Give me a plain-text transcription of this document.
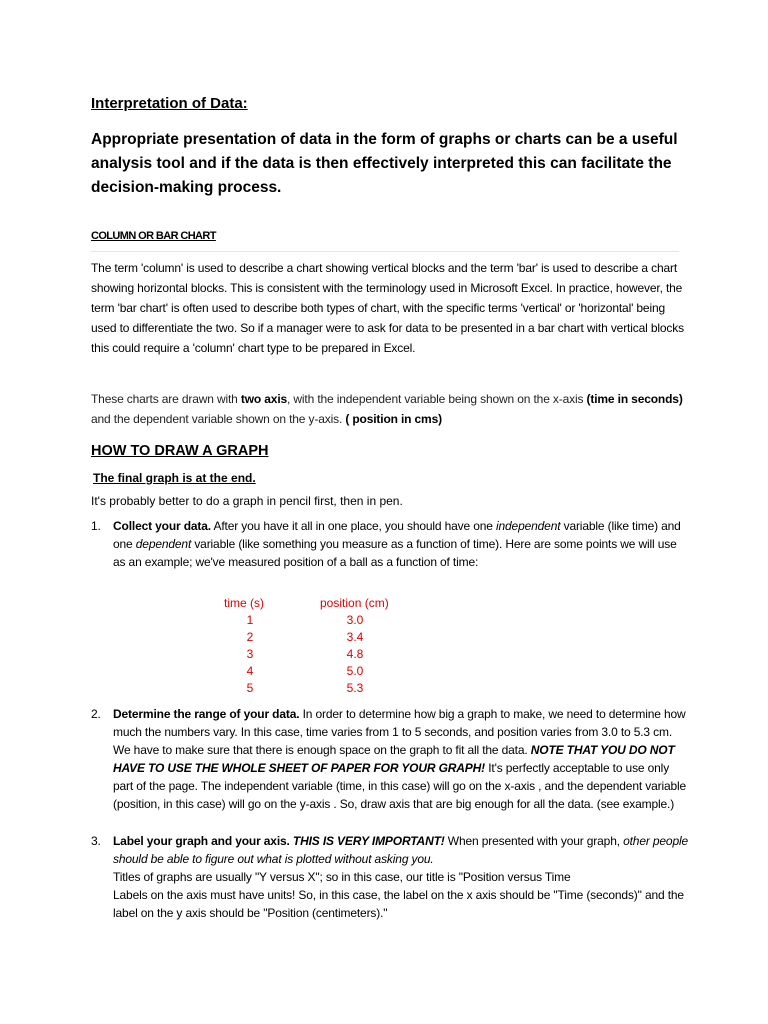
Interpretation of Data:
Appropriate presentation of data in the form of graphs or charts can be a useful analysis tool and if the data is then effectively interpreted this can facilitate the decision-making process.
COLUMN OR BAR CHART
The term 'column' is used to describe a chart showing vertical blocks and the term 'bar' is used to describe a chart showing horizontal blocks. This is consistent with the terminology used in Microsoft Excel. In practice, however, the term 'bar chart' is often used to describe both types of chart, with the specific terms 'vertical' or 'horizontal' being used to differentiate the two. So if a manager were to ask for data to be presented in a bar chart with vertical blocks this could require a 'column' chart type to be prepared in Excel.
These charts are drawn with two axis, with the independent variable being shown on the x-axis (time in seconds) and the dependent variable shown on the y-axis. ( position in cms)
HOW TO DRAW A GRAPH
The final graph is at the end.
It's probably better to do a graph in pencil first, then in pen.
1. Collect your data. After you have it all in one place, you should have one independent variable (like time) and one dependent variable (like something you measure as a function of time). Here are some points we will use as an example; we've measured position of a ball as a function of time:
time (s)	position (cm)
1	3.0
2	3.4
3	4.8
4	5.0
5	5.3
2. Determine the range of your data. In order to determine how big a graph to make, we need to determine how much the numbers vary. In this case, time varies from 1 to 5 seconds, and position varies from 3.0 to 5.3 cm. We have to make sure that there is enough space on the graph to fit all the data. NOTE THAT YOU DO NOT HAVE TO USE THE WHOLE SHEET OF PAPER FOR YOUR GRAPH! It's perfectly acceptable to use only part of the page. The independent variable (time, in this case) will go on the x-axis , and the dependent variable (position, in this case) will go on the y-axis . So, draw axis that are big enough for all the data. (see example.)
3. Label your graph and your axis. THIS IS VERY IMPORTANT! When presented with your graph, other people should be able to figure out what is plotted without asking you.
Titles of graphs are usually "Y versus X"; so in this case, our title is "Position versus Time
Labels on the axis must have units! So, in this case, the label on the x axis should be "Time (seconds)" and the label on the y axis should be "Position (centimeters)."
